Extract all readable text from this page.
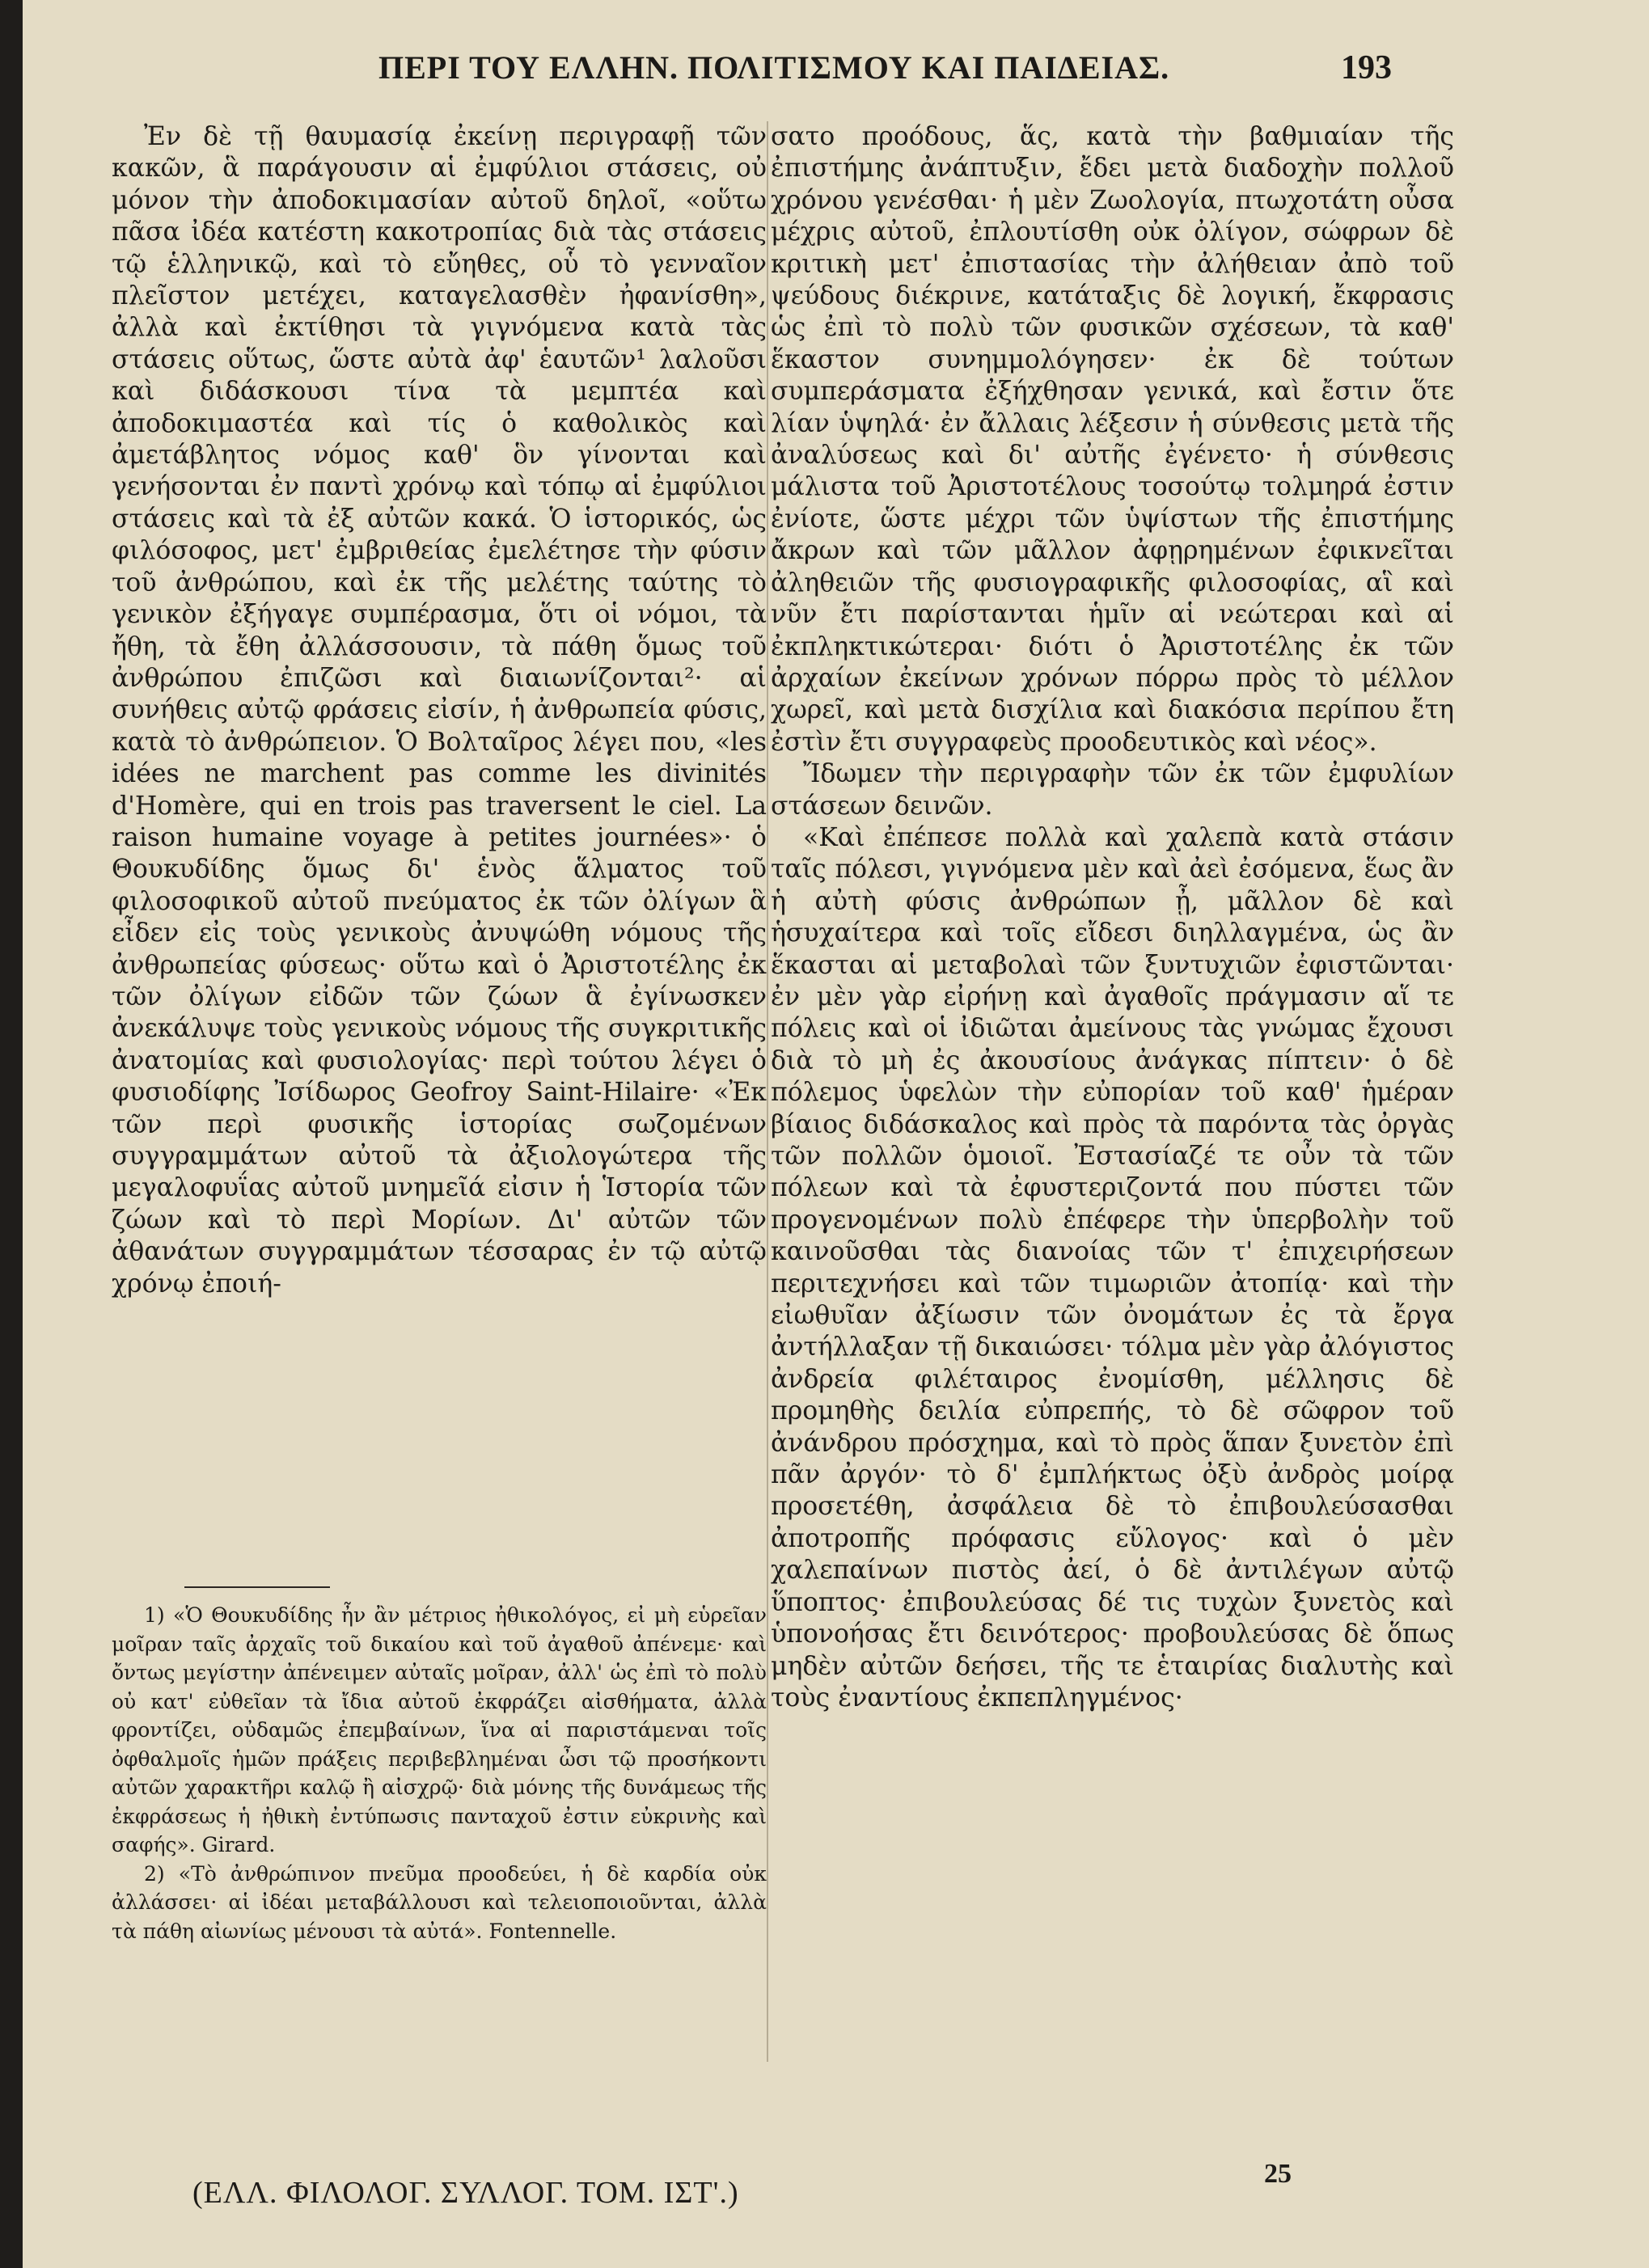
ΠΕΡΙ ΤΟΥ ΕΛΛΗΝ. ΠΟΛΙΤΙΣΜΟΥ ΚΑΙ ΠΑΙΔΕΙΑΣ.	193

Ἐν δὲ τῇ θαυμασίᾳ ἐκείνῃ περιγραφῇ τῶν κακῶν, ἃ παράγουσιν αἱ ἐμφύλιοι στάσεις, οὐ μόνον τὴν ἀποδοκιμασίαν αὐτοῦ δηλοῖ, «οὕτω πᾶσα ἰδέα κατέστη κακοτροπίας διὰ τὰς στάσεις τῷ ἑλληνικῷ, καὶ τὸ εὔηθες, οὗ τὸ γενναῖον πλεῖστον μετέχει, καταγελασθὲν ἠφανίσθη», ἀλλὰ καὶ ἐκτίθησι τὰ γιγνόμενα κατὰ τὰς στάσεις οὕτως, ὥστε αὐτὰ ἀφ' ἑαυτῶν¹ λαλοῦσι καὶ διδάσκουσι τίνα τὰ μεμπτέα καὶ ἀποδοκιμαστέα καὶ τίς ὁ καθολικὸς καὶ ἀμετάβλητος νόμος καθ' ὃν γίνονται καὶ γενήσονται ἐν παντὶ χρόνῳ καὶ τόπῳ αἱ ἐμφύλιοι στάσεις καὶ τὰ ἐξ αὐτῶν κακά. Ὁ ἱστορικός, ὡς φιλόσοφος, μετ' ἐμβριθείας ἐμελέτησε τὴν φύσιν τοῦ ἀνθρώπου, καὶ ἐκ τῆς μελέτης ταύτης τὸ γενικὸν ἐξήγαγε συμπέρασμα, ὅτι οἱ νόμοι, τὰ ἤθη, τὰ ἔθη ἀλλάσσουσιν, τὰ πάθη ὅμως τοῦ ἀνθρώπου ἐπιζῶσι καὶ διαιωνίζονται²· αἱ συνήθεις αὐτῷ φράσεις εἰσίν, ἡ ἀνθρωπεία φύσις, κατὰ τὸ ἀνθρώπειον. Ὁ Βολταῖρος λέγει που, «les idées ne marchent pas comme les divinités d'Homère, qui en trois pas traversent le ciel. La raison humaine voyage à petites journées»· ὁ Θουκυδίδης ὅμως δι' ἑνὸς ἅλματος τοῦ φιλοσοφικοῦ αὐτοῦ πνεύματος ἐκ τῶν ὀλίγων ἃ εἶδεν εἰς τοὺς γενικοὺς ἀνυψώθη νόμους τῆς ἀνθρωπείας φύσεως· οὕτω καὶ ὁ Ἀριστοτέλης ἐκ τῶν ὀλίγων εἰδῶν τῶν ζώων ἃ ἐγίνωσκεν ἀνεκάλυψε τοὺς γενικοὺς νόμους τῆς συγκριτικῆς ἀνατομίας καὶ φυσιολογίας· περὶ τούτου λέγει ὁ φυσιοδίφης Ἰσίδωρος Geofroy Saint-Hilaire· «Ἐκ τῶν περὶ φυσικῆς ἱστορίας σωζομένων συγγραμμάτων αὐτοῦ τὰ ἀξιολογώτερα τῆς μεγαλοφυΐας αὐτοῦ μνημεῖά εἰσιν ἡ Ἱστορία τῶν ζώων καὶ τὸ περὶ Μορίων. Δι' αὐτῶν τῶν ἀθανάτων συγγραμμάτων τέσσαρας ἐν τῷ αὐτῷ χρόνῳ ἐποιή-

σατο προόδους, ἅς, κατὰ τὴν βαθμιαίαν τῆς ἐπιστήμης ἀνάπτυξιν, ἔδει μετὰ διαδοχὴν πολλοῦ χρόνου γενέσθαι· ἡ μὲν Ζωολογία, πτωχοτάτη οὖσα μέχρις αὐτοῦ, ἐπλουτίσθη οὐκ ὀλίγον, σώφρων δὲ κριτικὴ μετ' ἐπιστασίας τὴν ἀλήθειαν ἀπὸ τοῦ ψεύδους διέκρινε, κατάταξις δὲ λογική, ἔκφρασις ὡς ἐπὶ τὸ πολὺ τῶν φυσικῶν σχέσεων, τὰ καθ' ἕκαστον συνημμολόγησεν· ἐκ δὲ τούτων συμπεράσματα ἐξήχθησαν γενικά, καὶ ἔστιν ὅτε λίαν ὑψηλά· ἐν ἄλλαις λέξεσιν ἡ σύνθεσις μετὰ τῆς ἀναλύσεως καὶ δι' αὐτῆς ἐγένετο· ἡ σύνθεσις μάλιστα τοῦ Ἀριστοτέλους τοσούτῳ τολμηρά ἐστιν ἐνίοτε, ὥστε μέχρι τῶν ὑψίστων τῆς ἐπιστήμης ἄκρων καὶ τῶν μᾶλλον ἀφῃρημένων ἐφικνεῖται ἀληθειῶν τῆς φυσιογραφικῆς φιλοσοφίας, αἳ καὶ νῦν ἔτι παρίστανται ἡμῖν αἱ νεώτεραι καὶ αἱ ἐκπληκτικώτεραι· διότι ὁ Ἀριστοτέλης ἐκ τῶν ἀρχαίων ἐκείνων χρόνων πόρρω πρὸς τὸ μέλλον χωρεῖ, καὶ μετὰ δισχίλια καὶ διακόσια περίπου ἔτη ἐστὶν ἔτι συγγραφεὺς προοδευτικὸς καὶ νέος».

Ἴδωμεν τὴν περιγραφὴν τῶν ἐκ τῶν ἐμφυλίων στάσεων δεινῶν.

«Καὶ ἐπέπεσε πολλὰ καὶ χαλεπὰ κατὰ στάσιν ταῖς πόλεσι, γιγνόμενα μὲν καὶ ἀεὶ ἐσόμενα, ἕως ἂν ἡ αὐτὴ φύσις ἀνθρώπων ᾖ, μᾶλλον δὲ καὶ ἡσυχαίτερα καὶ τοῖς εἴδεσι διηλλαγμένα, ὡς ἂν ἕκασται αἱ μεταβολαὶ τῶν ξυντυχιῶν ἐφιστῶνται· ἐν μὲν γὰρ εἰρήνῃ καὶ ἀγαθοῖς πράγμασιν αἵ τε πόλεις καὶ οἱ ἰδιῶται ἀμείνους τὰς γνώμας ἔχουσι διὰ τὸ μὴ ἐς ἀκουσίους ἀνάγκας πίπτειν· ὁ δὲ πόλεμος ὑφελὼν τὴν εὐπορίαν τοῦ καθ' ἡμέραν βίαιος διδάσκαλος καὶ πρὸς τὰ παρόντα τὰς ὀργὰς τῶν πολλῶν ὁμοιοῖ. Ἐστασίαζέ τε οὖν τὰ τῶν πόλεων καὶ τὰ ἐφυστεριζοντά που πύστει τῶν προγενομένων πολὺ ἐπέφερε τὴν ὑπερβολὴν τοῦ καινοῦσθαι τὰς διανοίας τῶν τ' ἐπιχειρήσεων περιτεχνήσει καὶ τῶν τιμωριῶν ἀτοπίᾳ· καὶ τὴν εἰωθυῖαν ἀξίωσιν τῶν ὀνομάτων ἐς τὰ ἔργα ἀντήλλαξαν τῇ δικαιώσει· τόλμα μὲν γὰρ ἀλόγιστος ἀνδρεία φιλέταιρος ἐνομίσθη, μέλλησις δὲ προμηθὴς δειλία εὐπρεπής, τὸ δὲ σῶφρον τοῦ ἀνάνδρου πρόσχημα, καὶ τὸ πρὸς ἅπαν ξυνετὸν ἐπὶ πᾶν ἀργόν· τὸ δ' ἐμπλήκτως ὀξὺ ἀνδρὸς μοίρᾳ προσετέθη, ἀσφάλεια δὲ τὸ ἐπιβουλεύσασθαι ἀποτροπῆς πρόφασις εὔλογος· καὶ ὁ μὲν χαλεπαίνων πιστὸς ἀεί, ὁ δὲ ἀντιλέγων αὐτῷ ὕποπτος· ἐπιβουλεύσας δέ τις τυχὼν ξυνετὸς καὶ ὑπονοήσας ἔτι δεινότερος· προβουλεύσας δὲ ὅπως μηδὲν αὐτῶν δεήσει, τῆς τε ἑταιρίας διαλυτὴς καὶ τοὺς ἐναντίους ἐκπεπληγμένος·

1) «Ὁ Θουκυδίδης ἦν ἂν μέτριος ἠθικολόγος, εἰ μὴ εὑρεῖαν μοῖραν ταῖς ἀρχαῖς τοῦ δικαίου καὶ τοῦ ἀγαθοῦ ἀπένεμε· καὶ ὄντως μεγίστην ἀπένειμεν αὐταῖς μοῖραν, ἀλλ' ὡς ἐπὶ τὸ πολὺ οὐ κατ' εὐθεῖαν τὰ ἴδια αὐτοῦ ἐκφράζει αἰσθήματα, ἀλλὰ φροντίζει, οὐδαμῶς ἐπεμβαίνων, ἵνα αἱ παριστάμεναι τοῖς ὀφθαλμοῖς ἡμῶν πράξεις περιβεβλημέναι ὦσι τῷ προσήκοντι αὐτῶν χαρακτῆρι καλῷ ἢ αἰσχρῷ· διὰ μόνης τῆς δυνάμεως τῆς ἐκφράσεως ἡ ἠθικὴ ἐντύπωσις πανταχοῦ ἐστιν εὐκρινὴς καὶ σαφής». Girard.

2) «Τὸ ἀνθρώπινον πνεῦμα προοδεύει, ἡ δὲ καρδία οὐκ ἀλλάσσει· αἱ ἰδέαι μεταβάλλουσι καὶ τελειοποιοῦνται, ἀλλὰ τὰ πάθη αἰωνίως μένουσι τὰ αὐτά». Fontennelle.

(ΕΛΛ. ΦΙΛΟΛΟΓ. ΣΥΛΛΟΓ. ΤΟΜ. ΙΣΤ'.)
25
